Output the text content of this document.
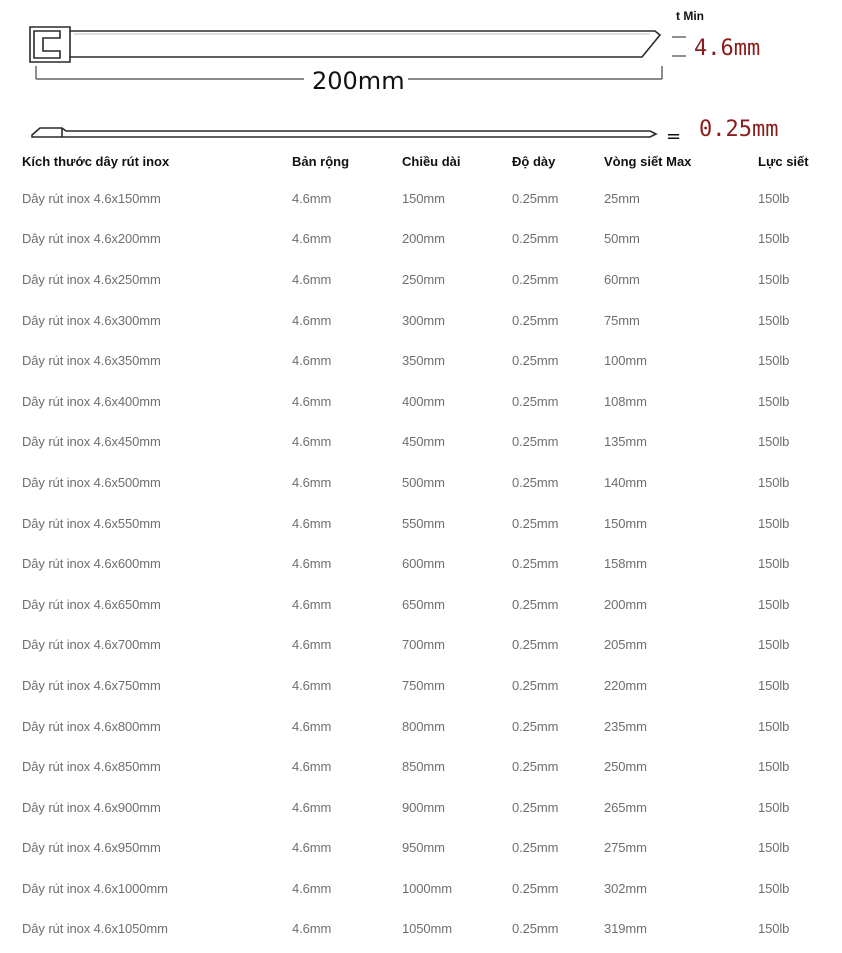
t Min
4.6mm
200mm
= 0.25mm
Kích thước dây rút inox	Bản rộng	Chiều dài	Độ dày	Vòng siết Max	Lực siết
Dây rút inox 4.6x150mm	4.6mm	150mm	0.25mm	25mm	150lb
Dây rút inox 4.6x200mm	4.6mm	200mm	0.25mm	50mm	150lb
Dây rút inox 4.6x250mm	4.6mm	250mm	0.25mm	60mm	150lb
Dây rút inox 4.6x300mm	4.6mm	300mm	0.25mm	75mm	150lb
Dây rút inox 4.6x350mm	4.6mm	350mm	0.25mm	100mm	150lb
Dây rút inox 4.6x400mm	4.6mm	400mm	0.25mm	108mm	150lb
Dây rút inox 4.6x450mm	4.6mm	450mm	0.25mm	135mm	150lb
Dây rút inox 4.6x500mm	4.6mm	500mm	0.25mm	140mm	150lb
Dây rút inox 4.6x550mm	4.6mm	550mm	0.25mm	150mm	150lb
Dây rút inox 4.6x600mm	4.6mm	600mm	0.25mm	158mm	150lb
Dây rút inox 4.6x650mm	4.6mm	650mm	0.25mm	200mm	150lb
Dây rút inox 4.6x700mm	4.6mm	700mm	0.25mm	205mm	150lb
Dây rút inox 4.6x750mm	4.6mm	750mm	0.25mm	220mm	150lb
Dây rút inox 4.6x800mm	4.6mm	800mm	0.25mm	235mm	150lb
Dây rút inox 4.6x850mm	4.6mm	850mm	0.25mm	250mm	150lb
Dây rút inox 4.6x900mm	4.6mm	900mm	0.25mm	265mm	150lb
Dây rút inox 4.6x950mm	4.6mm	950mm	0.25mm	275mm	150lb
Dây rút inox 4.6x1000mm	4.6mm	1000mm	0.25mm	302mm	150lb
Dây rút inox 4.6x1050mm	4.6mm	1050mm	0.25mm	319mm	150lb
